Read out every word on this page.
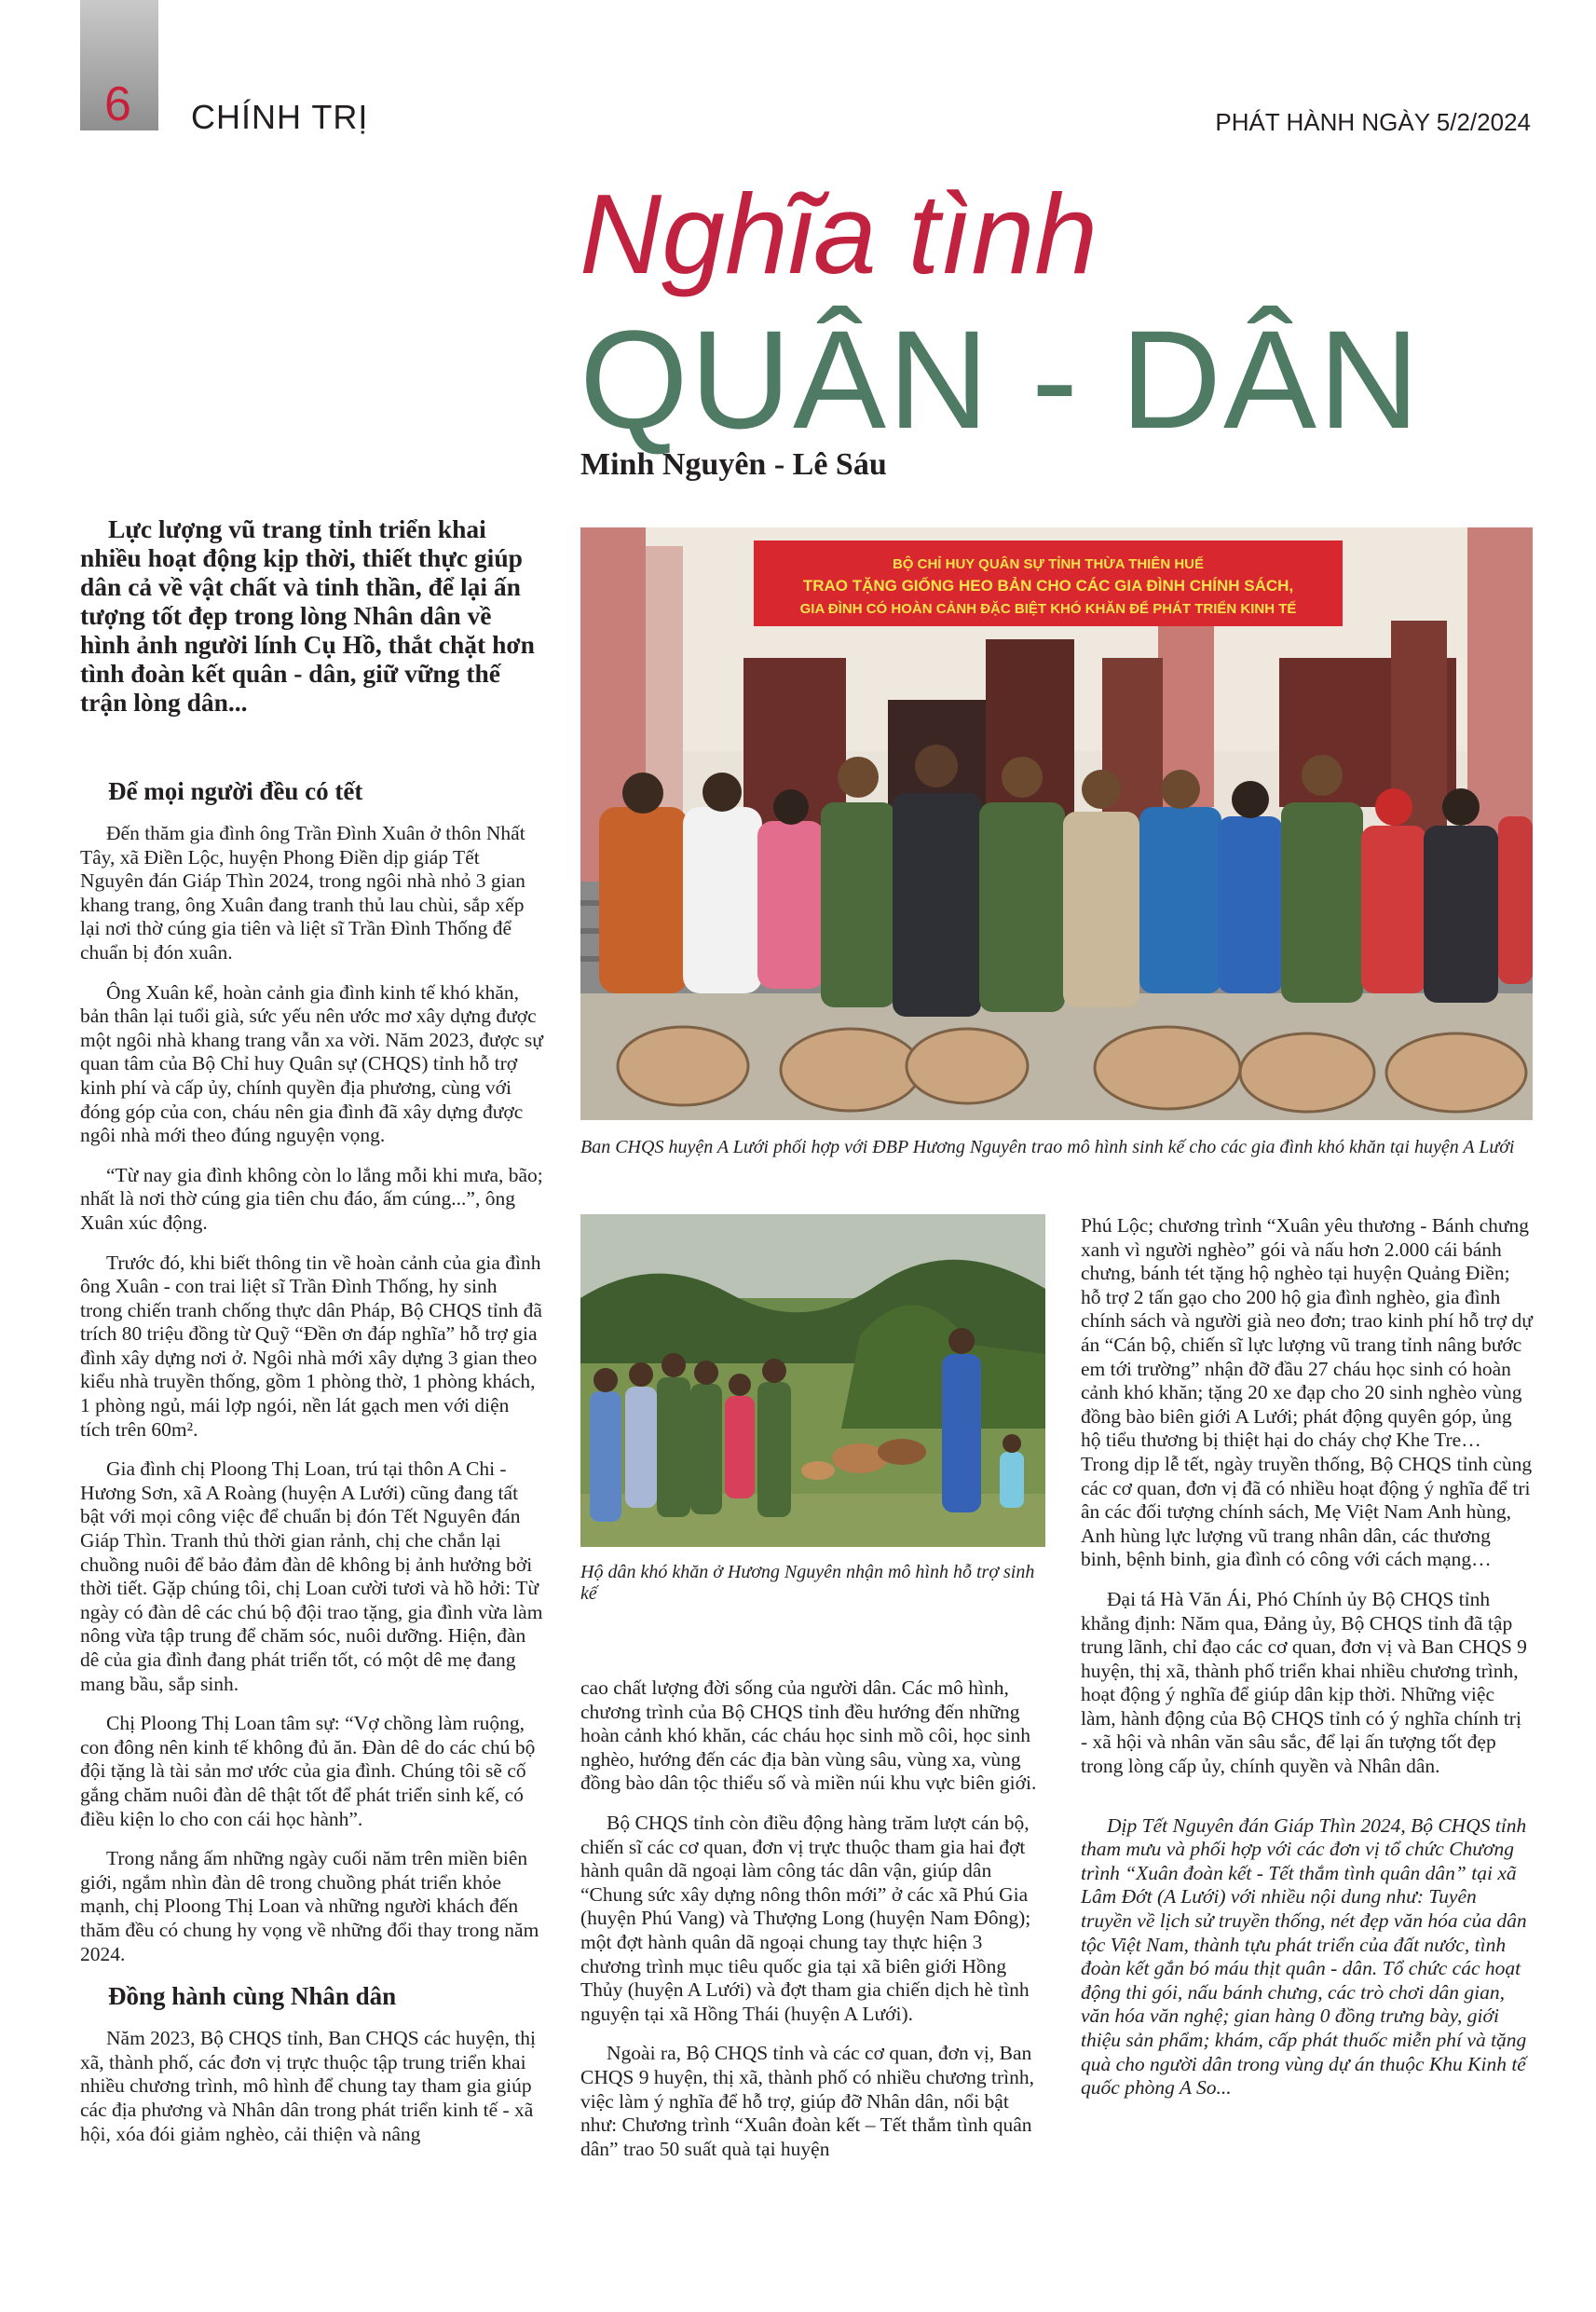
6 CHÍNH TRỊ	PHÁT HÀNH NGÀY 5/2/2024
Nghĩa tình
QUÂN - DÂN
Minh Nguyên - Lê Sáu

Lực lượng vũ trang tỉnh triển khai nhiều hoạt động kịp thời, thiết thực giúp dân cả về vật chất và tinh thần, để lại ấn tượng tốt đẹp trong lòng Nhân dân về hình ảnh người lính Cụ Hồ, thắt chặt hơn tình đoàn kết quân - dân, giữ vững thế trận lòng dân...

BỘ CHỈ HUY QUÂN SỰ TỈNH THỪA THIÊN HUẾ
TRAO TẶNG GIỐNG HEO BẢN CHO CÁC GIA ĐÌNH CHÍNH SÁCH,
GIA ĐÌNH CÓ HOÀN CẢNH ĐẶC BIỆT KHÓ KHĂN ĐỂ PHÁT TRIỂN KINH TẾ
Ban CHQS huyện A Lưới phối hợp với ĐBP Hương Nguyên trao mô hình sinh kế cho các gia đình khó khăn tại huyện A Lưới
Hộ dân khó khăn ở Hương Nguyên nhận mô hình hỗ trợ sinh kế
Để mọi người đều có tết

Đến thăm gia đình ông Trần Đình Xuân ở thôn Nhất Tây, xã Điền Lộc, huyện Phong Điền dịp giáp Tết Nguyên đán Giáp Thìn 2024, trong ngôi nhà nhỏ 3 gian khang trang, ông Xuân đang tranh thủ lau chùi, sắp xếp lại nơi thờ cúng gia tiên và liệt sĩ Trần Đình Thống để chuẩn bị đón xuân.

Ông Xuân kể, hoàn cảnh gia đình kinh tế khó khăn, bản thân lại tuổi già, sức yếu nên ước mơ xây dựng được một ngôi nhà khang trang vẫn xa vời. Năm 2023, được sự quan tâm của Bộ Chỉ huy Quân sự (CHQS) tỉnh hỗ trợ kinh phí và cấp ủy, chính quyền địa phương, cùng với đóng góp của con, cháu nên gia đình đã xây dựng được ngôi nhà mới theo đúng nguyện vọng.

“Từ nay gia đình không còn lo lắng mỗi khi mưa, bão; nhất là nơi thờ cúng gia tiên chu đáo, ấm cúng...”, ông Xuân xúc động.

Trước đó, khi biết thông tin về hoàn cảnh của gia đình ông Xuân - con trai liệt sĩ Trần Đình Thống, hy sinh trong chiến tranh chống thực dân Pháp, Bộ CHQS tỉnh đã trích 80 triệu đồng từ Quỹ “Đền ơn đáp nghĩa” hỗ trợ gia đình xây dựng nơi ở. Ngôi nhà mới xây dựng 3 gian theo kiểu nhà truyền thống, gồm 1 phòng thờ, 1 phòng khách, 1 phòng ngủ, mái lợp ngói, nền lát gạch men với diện tích trên 60m².

Gia đình chị Ploong Thị Loan, trú tại thôn A Chi - Hương Sơn, xã A Roàng (huyện A Lưới) cũng đang tất bật với mọi công việc để chuẩn bị đón Tết Nguyên đán Giáp Thìn. Tranh thủ thời gian rảnh, chị che chắn lại chuồng nuôi để bảo đảm đàn dê không bị ảnh hưởng bởi thời tiết. Gặp chúng tôi, chị Loan cười tươi và hồ hởi: Từ ngày có đàn dê các chú bộ đội trao tặng, gia đình vừa làm nông vừa tập trung để chăm sóc, nuôi dưỡng. Hiện, đàn dê của gia đình đang phát triển tốt, có một dê mẹ đang mang bầu, sắp sinh.

Chị Ploong Thị Loan tâm sự: “Vợ chồng làm ruộng, con đông nên kinh tế không đủ ăn. Đàn dê do các chú bộ đội tặng là tài sản mơ ước của gia đình. Chúng tôi sẽ cố gắng chăm nuôi đàn dê thật tốt để phát triển sinh kế, có điều kiện lo cho con cái học hành”.

Trong nắng ấm những ngày cuối năm trên miền biên giới, ngắm nhìn đàn dê trong chuồng phát triển khỏe mạnh, chị Ploong Thị Loan và những người khách đến thăm đều có chung hy vọng về những đổi thay trong năm 2024.

Đồng hành cùng Nhân dân

Năm 2023, Bộ CHQS tỉnh, Ban CHQS các huyện, thị xã, thành phố, các đơn vị trực thuộc tập trung triển khai nhiều chương trình, mô hình để chung tay tham gia giúp các địa phương và Nhân dân trong phát triển kinh tế - xã hội, xóa đói giảm nghèo, cải thiện và nâng

cao chất lượng đời sống của người dân. Các mô hình, chương trình của Bộ CHQS tỉnh đều hướng đến những hoàn cảnh khó khăn, các cháu học sinh mồ côi, học sinh nghèo, hướng đến các địa bàn vùng sâu, vùng xa, vùng đồng bào dân tộc thiểu số và miền núi khu vực biên giới.

Bộ CHQS tỉnh còn điều động hàng trăm lượt cán bộ, chiến sĩ các cơ quan, đơn vị trực thuộc tham gia hai đợt hành quân dã ngoại làm công tác dân vận, giúp dân “Chung sức xây dựng nông thôn mới” ở các xã Phú Gia (huyện Phú Vang) và Thượng Long (huyện Nam Đông); một đợt hành quân dã ngoại chung tay thực hiện 3 chương trình mục tiêu quốc gia tại xã biên giới Hồng Thủy (huyện A Lưới) và đợt tham gia chiến dịch hè tình nguyện tại xã Hồng Thái (huyện A Lưới).

Ngoài ra, Bộ CHQS tỉnh và các cơ quan, đơn vị, Ban CHQS 9 huyện, thị xã, thành phố có nhiều chương trình, việc làm ý nghĩa để hỗ trợ, giúp đỡ Nhân dân, nổi bật như: Chương trình “Xuân đoàn kết – Tết thắm tình quân dân” trao 50 suất quà tại huyện

Phú Lộc; chương trình “Xuân yêu thương - Bánh chưng xanh vì người nghèo” gói và nấu hơn 2.000 cái bánh chưng, bánh tét tặng hộ nghèo tại huyện Quảng Điền; hỗ trợ 2 tấn gạo cho 200 hộ gia đình nghèo, gia đình chính sách và người già neo đơn; trao kinh phí hỗ trợ dự án “Cán bộ, chiến sĩ lực lượng vũ trang tỉnh nâng bước em tới trường” nhận đỡ đầu 27 cháu học sinh có hoàn cảnh khó khăn; tặng 20 xe đạp cho 20 sinh nghèo vùng đồng bào biên giới A Lưới; phát động quyên góp, ủng hộ tiểu thương bị thiệt hại do cháy chợ Khe Tre… Trong dịp lễ tết, ngày truyền thống, Bộ CHQS tỉnh cùng các cơ quan, đơn vị đã có nhiều hoạt động ý nghĩa để tri ân các đối tượng chính sách, Mẹ Việt Nam Anh hùng, Anh hùng lực lượng vũ trang nhân dân, các thương binh, bệnh binh, gia đình có công với cách mạng…

Đại tá Hà Văn Ái, Phó Chính ủy Bộ CHQS tỉnh khẳng định: Năm qua, Đảng ủy, Bộ CHQS tỉnh đã tập trung lãnh, chỉ đạo các cơ quan, đơn vị và Ban CHQS 9 huyện, thị xã, thành phố triển khai nhiều chương trình, hoạt động ý nghĩa để giúp dân kịp thời. Những việc làm, hành động của Bộ CHQS tỉnh có ý nghĩa chính trị - xã hội và nhân văn sâu sắc, để lại ấn tượng tốt đẹp trong lòng cấp ủy, chính quyền và Nhân dân.

Dịp Tết Nguyên đán Giáp Thìn 2024, Bộ CHQS tỉnh tham mưu và phối hợp với các đơn vị tổ chức Chương trình “Xuân đoàn kết - Tết thắm tình quân dân” tại xã Lâm Đớt (A Lưới) với nhiều nội dung như: Tuyên truyền về lịch sử truyền thống, nét đẹp văn hóa của dân tộc Việt Nam, thành tựu phát triển của đất nước, tình đoàn kết gắn bó máu thịt quân - dân. Tổ chức các hoạt động thi gói, nấu bánh chưng, các trò chơi dân gian, văn hóa văn nghệ; gian hàng 0 đồng trưng bày, giới thiệu sản phẩm; khám, cấp phát thuốc miễn phí và tặng quà cho người dân trong vùng dự án thuộc Khu Kinh tế quốc phòng A So...
